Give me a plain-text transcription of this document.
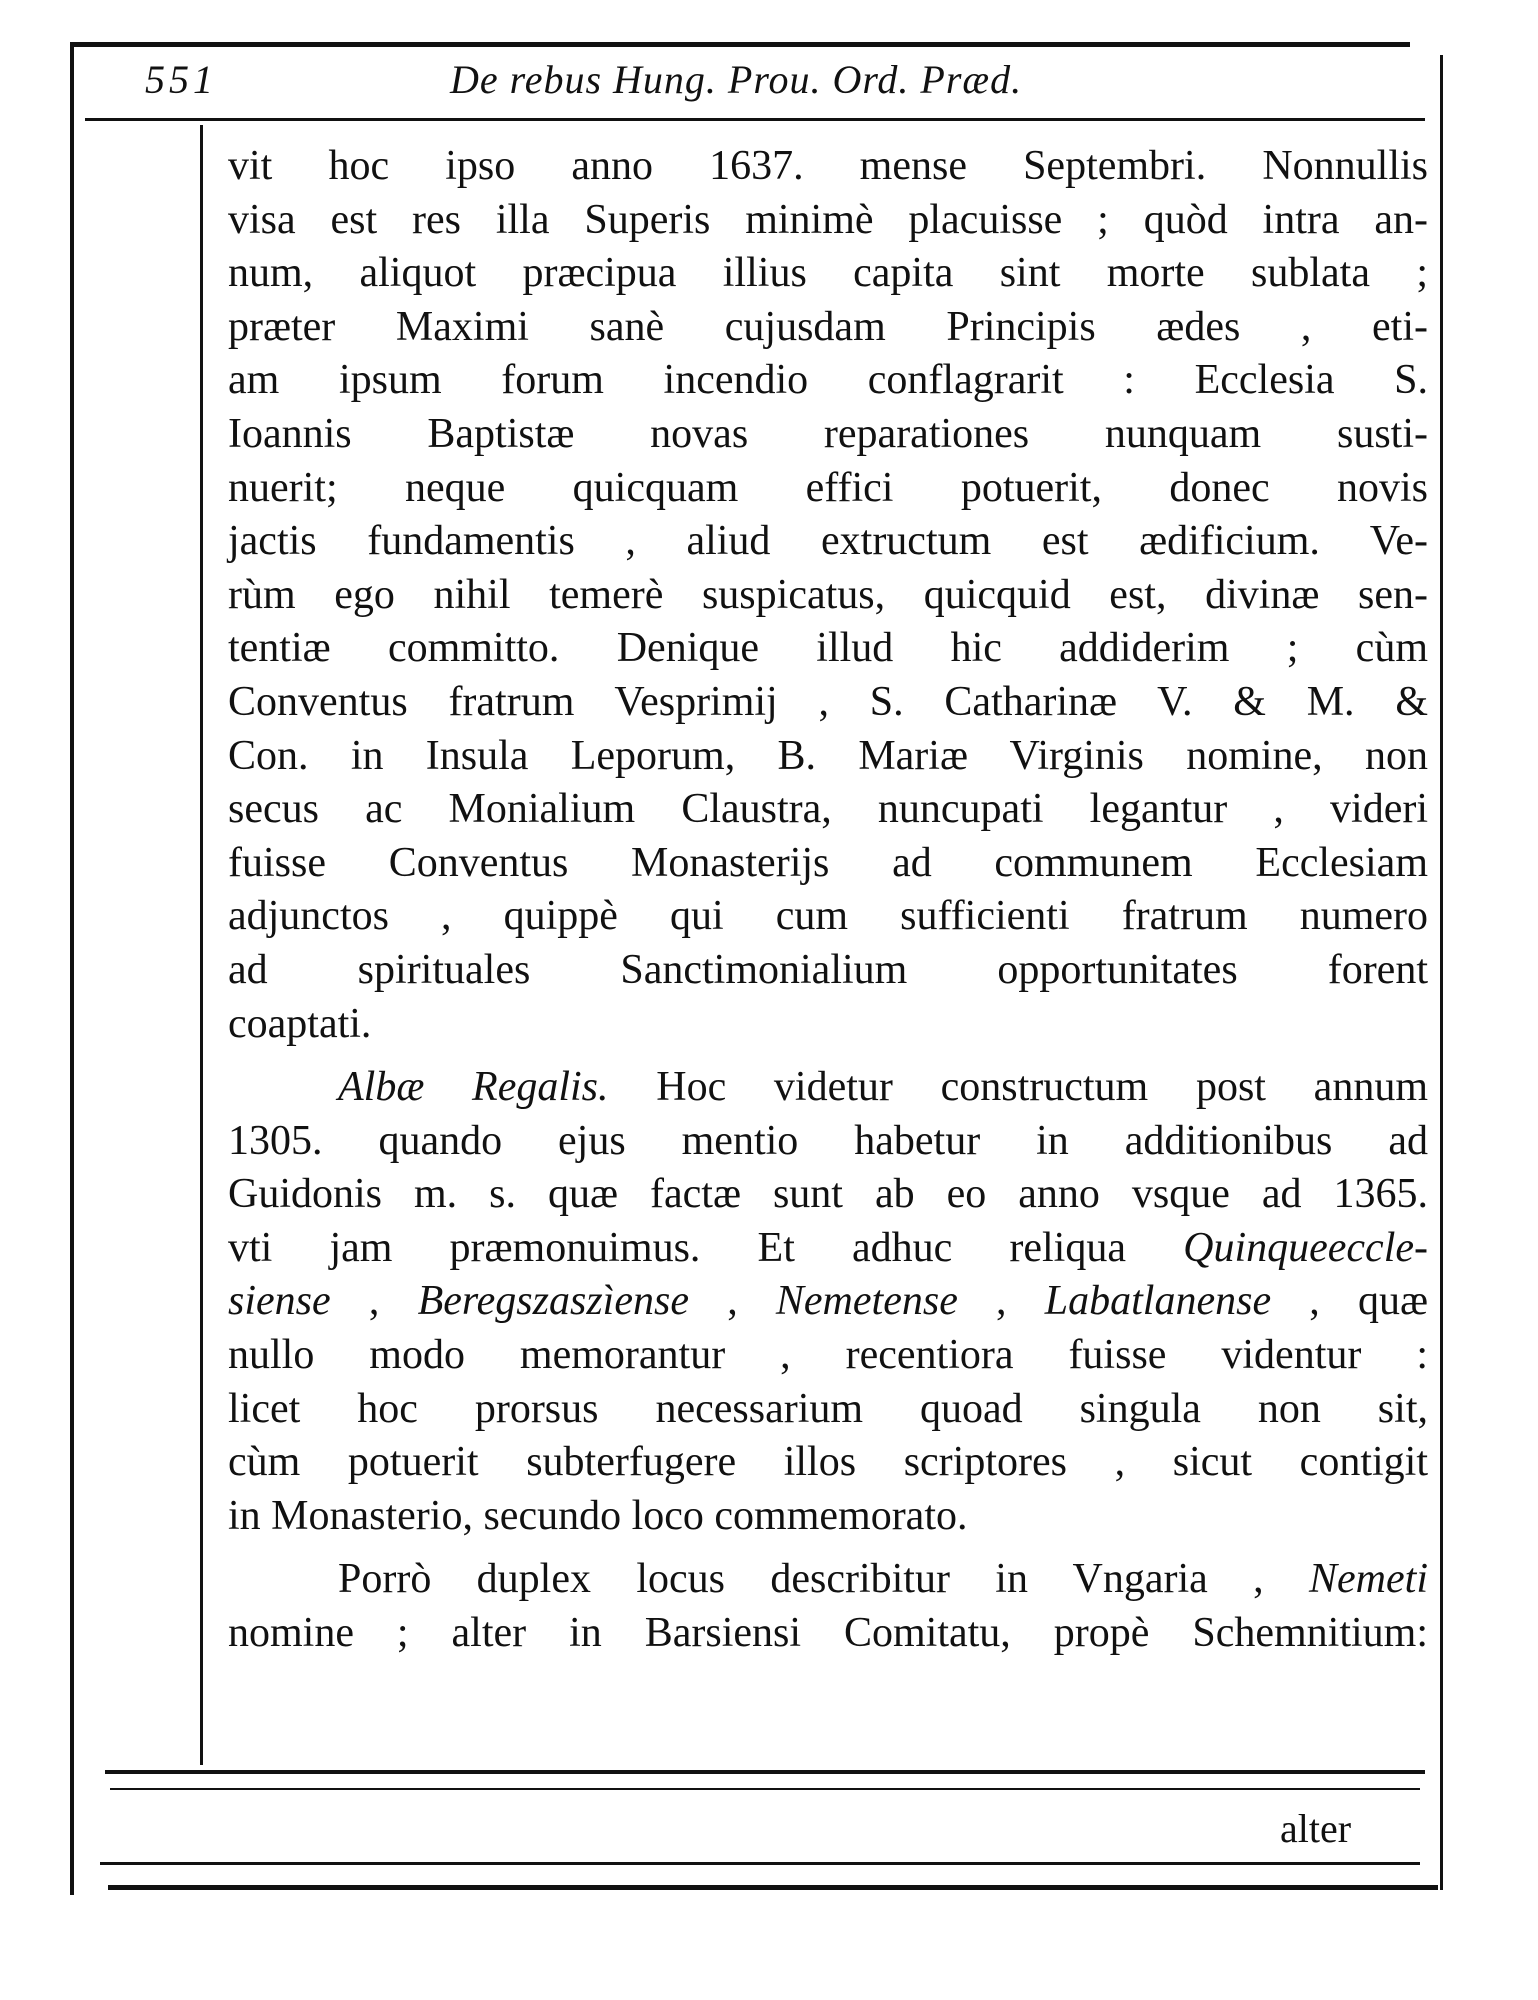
551	De rebus Hung. Prou. Ord. Præd.
vit hoc ipso anno 1637. mense Septembri. Nonnullis
visa est res illa Superis minimè placuisse ; quòd intra an-
num, aliquot præcipua illius capita sint morte sublata ;
præter Maximi sanè cujusdam Principis ædes , eti-
am ipsum forum incendio conflagrarit : Ecclesia S.
Ioannis Baptistæ novas reparationes nunquam susti-
nuerit; neque quicquam effici potuerit, donec novis
jactis fundamentis , aliud extructum est ædificium. Ve-
rùm ego nihil temerè suspicatus, quicquid est, divinæ sen-
tentiæ committo. Denique illud hic addiderim ; cùm
Conventus fratrum Vesprimij , S. Catharinæ V. & M. &
Con. in Insula Leporum, B. Mariæ Virginis nomine, non
secus ac Monialium Claustra, nuncupati legantur , videri
fuisse Conventus Monasterijs ad communem Ecclesiam
adjunctos , quippè qui cum sufficienti fratrum numero
ad spirituales Sanctimonialium opportunitates forent
coaptati.
Albæ Regalis. Hoc videtur constructum post annum
1305. quando ejus mentio habetur in additionibus ad
Guidonis m. s. quæ factæ sunt ab eo anno vsque ad 1365.
vti jam præmonuimus. Et adhuc reliqua Quinqueeccle-
siense , Beregszaszìense , Nemetense , Labatlanense , quæ
nullo modo memorantur , recentiora fuisse videntur :
licet hoc prorsus necessarium quoad singula non sit,
cùm potuerit subterfugere illos scriptores , sicut contigit
in Monasterio, secundo loco commemorato.
Porrò duplex locus describitur in Vngaria , Nemeti
nomine ; alter in Barsiensi Comitatu, propè Schemnitium:
alter
